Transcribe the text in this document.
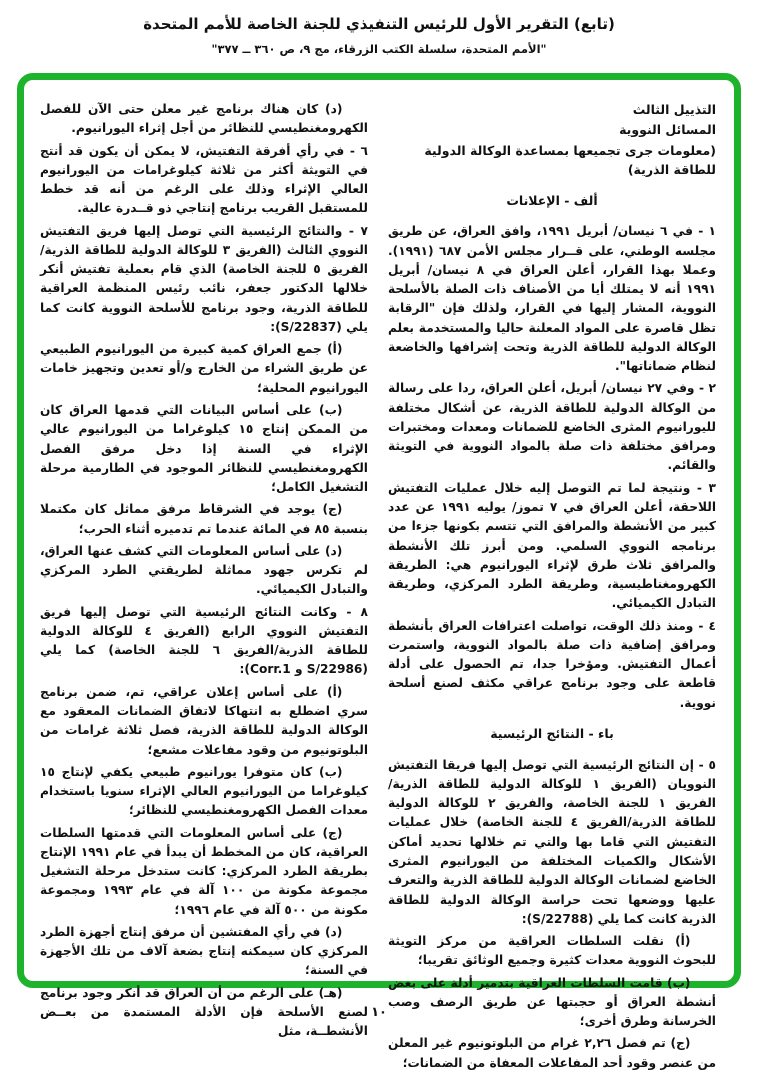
(تابع) التقرير الأول للرئيس التنفيذي للجنة الخاصة للأمم المتحدة
"الأمم المتحدة، سلسلة الكتب الزرقاء، مج ٩، ص ٣٦٠ ــ ٣٧٧"
التذييل الثالث
المسائل النووية
(معلومات جرى تجميعها بمساعدة الوكالة الدولية للطاقة الذرية)
ألف - الإعلانات
١ - في ٦ نيسان/ أبريل ١٩٩١، وافق العراق، عن طريق مجلسه الوطني، على قــرار مجلس الأمن ٦٨٧ (١٩٩١). وعملا بهذا القرار، أعلن العراق في ٨ نيسان/ أبريل ١٩٩١ أنه لا يمتلك أيا من الأصناف ذات الصلة بالأسلحة النووية، المشار إليها في القرار، ولذلك فإن "الرقابة تظل قاصرة على المواد المعلنة حاليا والمستخدمة بعلم الوكالة الدولية للطاقة الذرية وتحت إشرافها والخاضعة لنظام ضماناتها".
٢ - وفي ٢٧ نيسان/ أبريل، أعلن العراق، ردا على رسالة من الوكالة الدولية للطاقة الذرية، عن أشكال مختلفة لليورانيوم المثرى الخاضع للضمانات ومعدات ومختبرات ومرافق مختلفة ذات صلة بالمواد النووية في التويثة والقائم.
٣ - ونتيجة لما تم التوصل إليه خلال عمليات التفتيش اللاحقة، أعلن العراق في ٧ تموز/ يوليه ١٩٩١ عن عدد كبير من الأنشطة والمرافق التي تتسم بكونها جزءا من برنامجه النووي السلمي. ومن أبرز تلك الأنشطة والمرافق ثلاث طرق لإثراء اليورانيوم هي: الطريقة الكهرومغناطيسية، وطريقة الطرد المركزي، وطريقة التبادل الكيميائي.
٤ - ومنذ ذلك الوقت، تواصلت اعترافات العراق بأنشطة ومرافق إضافية ذات صلة بالمواد النووية، واستمرت أعمال التفتيش. ومؤخرا جدا، تم الحصول على أدلة قاطعة على وجود برنامج عراقي مكثف لصنع أسلحة نووية.
باء - النتائج الرئيسية
٥ - إن النتائج الرئيسية التي توصل إليها فريقا التفتيش النوويان (الفريق ١ للوكالة الدولية للطاقة الذرية/ الفريق ١ للجنة الخاصة، والفريق ٢ للوكالة الدولية للطاقة الذرية/الفريق ٤ للجنة الخاصة) خلال عمليات التفتيش التي قاما بها والتي تم خلالها تحديد أماكن الأشكال والكميات المختلفة من اليورانيوم المثرى الخاضع لضمانات الوكالة الدولية للطاقة الذرية والتعرف عليها ووضعها تحت حراسة الوكالة الدولية للطاقة الذرية كانت كما يلي (S/22788):
(أ) نقلت السلطات العراقية من مركز التويثة للبحوث النووية معدات كثيرة وجميع الوثائق تقريبا؛
(ب) قامت السلطات العراقية بتدمير أدلة على بعض أنشطة العراق أو حجبتها عن طريق الرصف وصب الخرسانة وطرق أخرى؛
(ج) تم فصل ٢,٢٦ غرام من البلوتونيوم غير المعلن من عنصر وقود أحد المفاعلات المعفاة من الضمانات؛
(د) كان هناك برنامج غير معلن حتى الآن للفصل الكهرومغنطيسي للنظائر من أجل إثراء اليورانيوم.
٦ - في رأي أفرقة التفتيش، لا يمكن أن يكون قد أنتج في التويثة أكثر من ثلاثة كيلوغرامات من اليورانيوم العالي الإثراء وذلك على الرغم من أنه قد خطط للمستقبل القريب برنامج إنتاجي ذو قــدرة عالية.
٧ - والنتائج الرئيسية التي توصل إليها فريق التفتيش النووي الثالث (الفريق ٣ للوكالة الدولية للطاقة الذرية/الفريق ٥ للجنة الخاصة) الذي قام بعملية تفتيش أنكر خلالها الدكتور جعفر، نائب رئيس المنظمة العراقية للطاقة الذرية، وجود برنامج للأسلحة النووية كانت كما يلي (S/22837):
(أ) جمع العراق كمية كبيرة من اليورانيوم الطبيعي عن طريق الشراء من الخارج و/أو تعدين وتجهيز خامات اليورانيوم المحلية؛
(ب) على أساس البيانات التي قدمها العراق كان من الممكن إنتاج ١٥ كيلوغراما من اليورانيوم عالي الإثراء في السنة إذا دخل مرفق الفصل الكهرومغنطيسي للنظائر الموجود في الطارمية مرحلة التشغيل الكامل؛
(ج) يوجد في الشرقاط مرفق مماثل كان مكتملا بنسبة ٨٥ في المائة عندما تم تدميره أثناء الحرب؛
(د) على أساس المعلومات التي كشف عنها العراق، لم تكرس جهود مماثلة لطريقتي الطرد المركزي والتبادل الكيميائي.
٨ - وكانت النتائج الرئيسية التي توصل إليها فريق التفتيش النووي الرابع (الفريق ٤ للوكالة الدولية للطاقة الذرية/الفريق ٦ للجنة الخاصة) كما يلي (S/22986 و Corr.1):
(أ) على أساس إعلان عراقي، تم، ضمن برنامج سري اضطلع به انتهاكا لاتفاق الضمانات المعقود مع الوكالة الدولية للطاقة الذرية، فصل ثلاثة غرامات من البلوتونيوم من وقود مفاعلات مشعع؛
(ب) كان متوفرا يورانيوم طبيعي يكفي لإنتاج ١٥ كيلوغراما من اليورانيوم العالي الإثراء سنويا باستخدام معدات الفصل الكهرومغنطيسي للنظائر؛
(ج) على أساس المعلومات التي قدمتها السلطات العراقية، كان من المخطط أن يبدأ في عام ١٩٩١ الإنتاج بطريقة الطرد المركزي: كانت ستدخل مرحلة التشغيل مجموعة مكونة من ١٠٠ آلة في عام ١٩٩٣ ومجموعة مكونة من ٥٠٠ آلة في عام ١٩٩٦؛
(د) في رأي المفتشين أن مرفق إنتاج أجهزة الطرد المركزي كان سيمكنه إنتاج بضعة آلاف من تلك الأجهزة في السنة؛
(هـ) على الرغم من أن العراق قد أنكر وجود برنامج لصنع الأسلحة فإن الأدلة المستمدة من بعــض الأنشطــة، مثل
١٠
